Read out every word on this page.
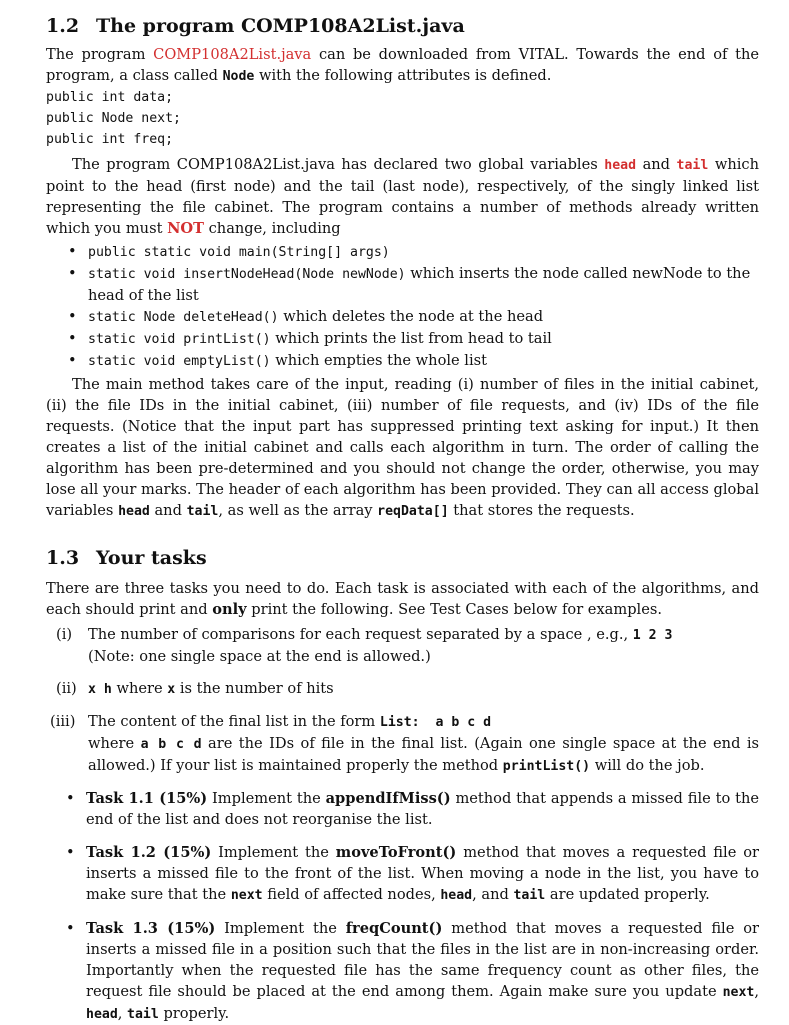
1.2 The program COMP108A2List.java

The program COMP108A2List.java can be downloaded from VITAL. Towards the end of the program, a class called Node with the following attributes is defined.

public int data;
public Node next;
public int freq;

The program COMP108A2List.java has declared two global variables head and tail which point to the head (first node) and the tail (last node), respectively, of the singly linked list representing the file cabinet. The program contains a number of methods already written which you must NOT change, including

• public static void main(String[] args)
• static void insertNodeHead(Node newNode) which inserts the node called newNode to the head of the list
• static Node deleteHead() which deletes the node at the head
• static void printList() which prints the list from head to tail
• static void emptyList() which empties the whole list

The main method takes care of the input, reading (i) number of files in the initial cabinet, (ii) the file IDs in the initial cabinet, (iii) number of file requests, and (iv) IDs of the file requests. (Notice that the input part has suppressed printing text asking for input.) It then creates a list of the initial cabinet and calls each algorithm in turn. The order of calling the algorithm has been pre-determined and you should not change the order, otherwise, you may lose all your marks. The header of each algorithm has been provided. They can all access global variables head and tail, as well as the array reqData[] that stores the requests.

1.3 Your tasks

There are three tasks you need to do. Each task is associated with each of the algorithms, and each should print and only print the following. See Test Cases below for examples.

(i) The number of comparisons for each request separated by a space , e.g., 1 2 3
(Note: one single space at the end is allowed.)
(ii) x h where x is the number of hits
(iii) The content of the final list in the form List:  a b c d

where a b c d are the IDs of file in the final list. (Again one single space at the end is allowed.) If your list is maintained properly the method printList() will do the job.

• Task 1.1 (15%) Implement the appendIfMiss() method that appends a missed file to the end of the list and does not reorganise the list.
• Task 1.2 (15%) Implement the moveToFront() method that moves a requested file or inserts a missed file to the front of the list. When moving a node in the list, you have to make sure that the next field of affected nodes, head, and tail are updated properly.
• Task 1.3 (15%) Implement the freqCount() method that moves a requested file or inserts a missed file in a position such that the files in the list are in non-increasing order. Importantly when the requested file has the same frequency count as other files, the request file should be placed at the end among them. Again make sure you update next, head, tail properly.
